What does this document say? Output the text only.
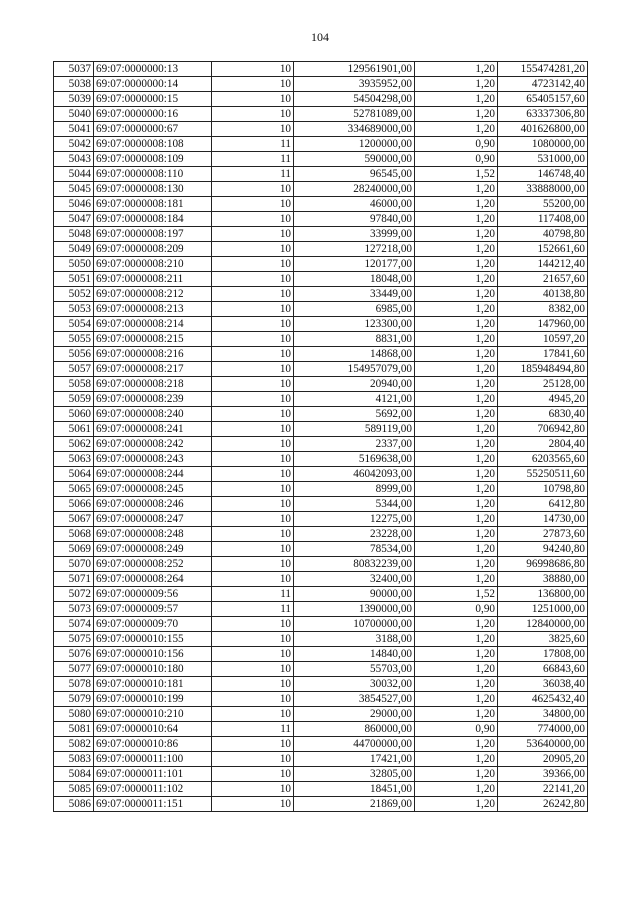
104
5037	69:07:0000000:13	10	129561901,00	1,20	155474281,20
5038	69:07:0000000:14	10	3935952,00	1,20	4723142,40
5039	69:07:0000000:15	10	54504298,00	1,20	65405157,60
5040	69:07:0000000:16	10	52781089,00	1,20	63337306,80
5041	69:07:0000000:67	10	334689000,00	1,20	401626800,00
5042	69:07:0000008:108	11	1200000,00	0,90	1080000,00
5043	69:07:0000008:109	11	590000,00	0,90	531000,00
5044	69:07:0000008:110	11	96545,00	1,52	146748,40
5045	69:07:0000008:130	10	28240000,00	1,20	33888000,00
5046	69:07:0000008:181	10	46000,00	1,20	55200,00
5047	69:07:0000008:184	10	97840,00	1,20	117408,00
5048	69:07:0000008:197	10	33999,00	1,20	40798,80
5049	69:07:0000008:209	10	127218,00	1,20	152661,60
5050	69:07:0000008:210	10	120177,00	1,20	144212,40
5051	69:07:0000008:211	10	18048,00	1,20	21657,60
5052	69:07:0000008:212	10	33449,00	1,20	40138,80
5053	69:07:0000008:213	10	6985,00	1,20	8382,00
5054	69:07:0000008:214	10	123300,00	1,20	147960,00
5055	69:07:0000008:215	10	8831,00	1,20	10597,20
5056	69:07:0000008:216	10	14868,00	1,20	17841,60
5057	69:07:0000008:217	10	154957079,00	1,20	185948494,80
5058	69:07:0000008:218	10	20940,00	1,20	25128,00
5059	69:07:0000008:239	10	4121,00	1,20	4945,20
5060	69:07:0000008:240	10	5692,00	1,20	6830,40
5061	69:07:0000008:241	10	589119,00	1,20	706942,80
5062	69:07:0000008:242	10	2337,00	1,20	2804,40
5063	69:07:0000008:243	10	5169638,00	1,20	6203565,60
5064	69:07:0000008:244	10	46042093,00	1,20	55250511,60
5065	69:07:0000008:245	10	8999,00	1,20	10798,80
5066	69:07:0000008:246	10	5344,00	1,20	6412,80
5067	69:07:0000008:247	10	12275,00	1,20	14730,00
5068	69:07:0000008:248	10	23228,00	1,20	27873,60
5069	69:07:0000008:249	10	78534,00	1,20	94240,80
5070	69:07:0000008:252	10	80832239,00	1,20	96998686,80
5071	69:07:0000008:264	10	32400,00	1,20	38880,00
5072	69:07:0000009:56	11	90000,00	1,52	136800,00
5073	69:07:0000009:57	11	1390000,00	0,90	1251000,00
5074	69:07:0000009:70	10	10700000,00	1,20	12840000,00
5075	69:07:0000010:155	10	3188,00	1,20	3825,60
5076	69:07:0000010:156	10	14840,00	1,20	17808,00
5077	69:07:0000010:180	10	55703,00	1,20	66843,60
5078	69:07:0000010:181	10	30032,00	1,20	36038,40
5079	69:07:0000010:199	10	3854527,00	1,20	4625432,40
5080	69:07:0000010:210	10	29000,00	1,20	34800,00
5081	69:07:0000010:64	11	860000,00	0,90	774000,00
5082	69:07:0000010:86	10	44700000,00	1,20	53640000,00
5083	69:07:0000011:100	10	17421,00	1,20	20905,20
5084	69:07:0000011:101	10	32805,00	1,20	39366,00
5085	69:07:0000011:102	10	18451,00	1,20	22141,20
5086	69:07:0000011:151	10	21869,00	1,20	26242,80
